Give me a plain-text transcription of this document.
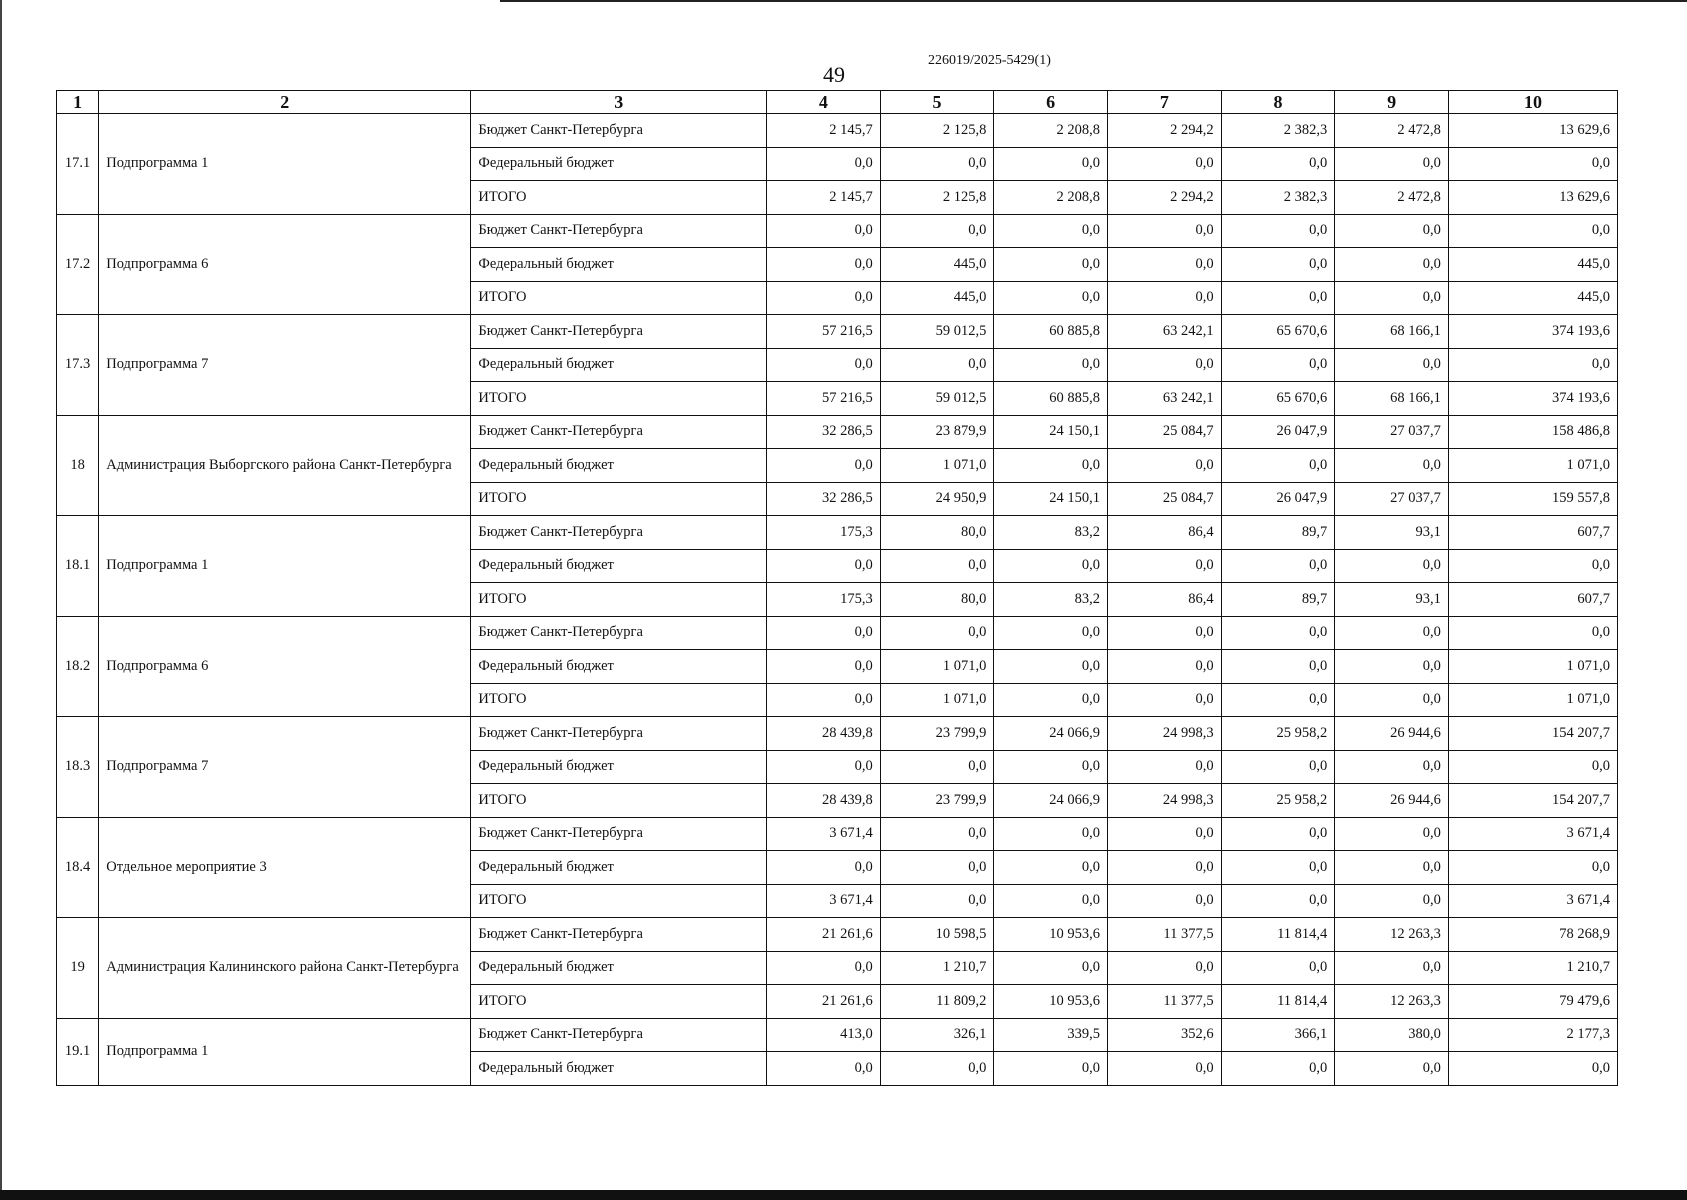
49
226019/2025-5429(1)
1	2	3	4	5	6	7	8	9	10
17.1	Подпрограмма 1	Бюджет Санкт-Петербурга	2 145,7	2 125,8	2 208,8	2 294,2	2 382,3	2 472,8	13 629,6
		Федеральный бюджет	0,0	0,0	0,0	0,0	0,0	0,0	0,0
		ИТОГО	2 145,7	2 125,8	2 208,8	2 294,2	2 382,3	2 472,8	13 629,6
17.2	Подпрограмма 6	Бюджет Санкт-Петербурга	0,0	0,0	0,0	0,0	0,0	0,0	0,0
		Федеральный бюджет	0,0	445,0	0,0	0,0	0,0	0,0	445,0
		ИТОГО	0,0	445,0	0,0	0,0	0,0	0,0	445,0
17.3	Подпрограмма 7	Бюджет Санкт-Петербурга	57 216,5	59 012,5	60 885,8	63 242,1	65 670,6	68 166,1	374 193,6
		Федеральный бюджет	0,0	0,0	0,0	0,0	0,0	0,0	0,0
		ИТОГО	57 216,5	59 012,5	60 885,8	63 242,1	65 670,6	68 166,1	374 193,6
18	Администрация Выборгского района Санкт-Петербурга	Бюджет Санкт-Петербурга	32 286,5	23 879,9	24 150,1	25 084,7	26 047,9	27 037,7	158 486,8
		Федеральный бюджет	0,0	1 071,0	0,0	0,0	0,0	0,0	1 071,0
		ИТОГО	32 286,5	24 950,9	24 150,1	25 084,7	26 047,9	27 037,7	159 557,8
18.1	Подпрограмма 1	Бюджет Санкт-Петербурга	175,3	80,0	83,2	86,4	89,7	93,1	607,7
		Федеральный бюджет	0,0	0,0	0,0	0,0	0,0	0,0	0,0
		ИТОГО	175,3	80,0	83,2	86,4	89,7	93,1	607,7
18.2	Подпрограмма 6	Бюджет Санкт-Петербурга	0,0	0,0	0,0	0,0	0,0	0,0	0,0
		Федеральный бюджет	0,0	1 071,0	0,0	0,0	0,0	0,0	1 071,0
		ИТОГО	0,0	1 071,0	0,0	0,0	0,0	0,0	1 071,0
18.3	Подпрограмма 7	Бюджет Санкт-Петербурга	28 439,8	23 799,9	24 066,9	24 998,3	25 958,2	26 944,6	154 207,7
		Федеральный бюджет	0,0	0,0	0,0	0,0	0,0	0,0	0,0
		ИТОГО	28 439,8	23 799,9	24 066,9	24 998,3	25 958,2	26 944,6	154 207,7
18.4	Отдельное мероприятие 3	Бюджет Санкт-Петербурга	3 671,4	0,0	0,0	0,0	0,0	0,0	3 671,4
		Федеральный бюджет	0,0	0,0	0,0	0,0	0,0	0,0	0,0
		ИТОГО	3 671,4	0,0	0,0	0,0	0,0	0,0	3 671,4
19	Администрация Калининского района Санкт-Петербурга	Бюджет Санкт-Петербурга	21 261,6	10 598,5	10 953,6	11 377,5	11 814,4	12 263,3	78 268,9
		Федеральный бюджет	0,0	1 210,7	0,0	0,0	0,0	0,0	1 210,7
		ИТОГО	21 261,6	11 809,2	10 953,6	11 377,5	11 814,4	12 263,3	79 479,6
19.1	Подпрограмма 1	Бюджет Санкт-Петербурга	413,0	326,1	339,5	352,6	366,1	380,0	2 177,3
		Федеральный бюджет	0,0	0,0	0,0	0,0	0,0	0,0	0,0
